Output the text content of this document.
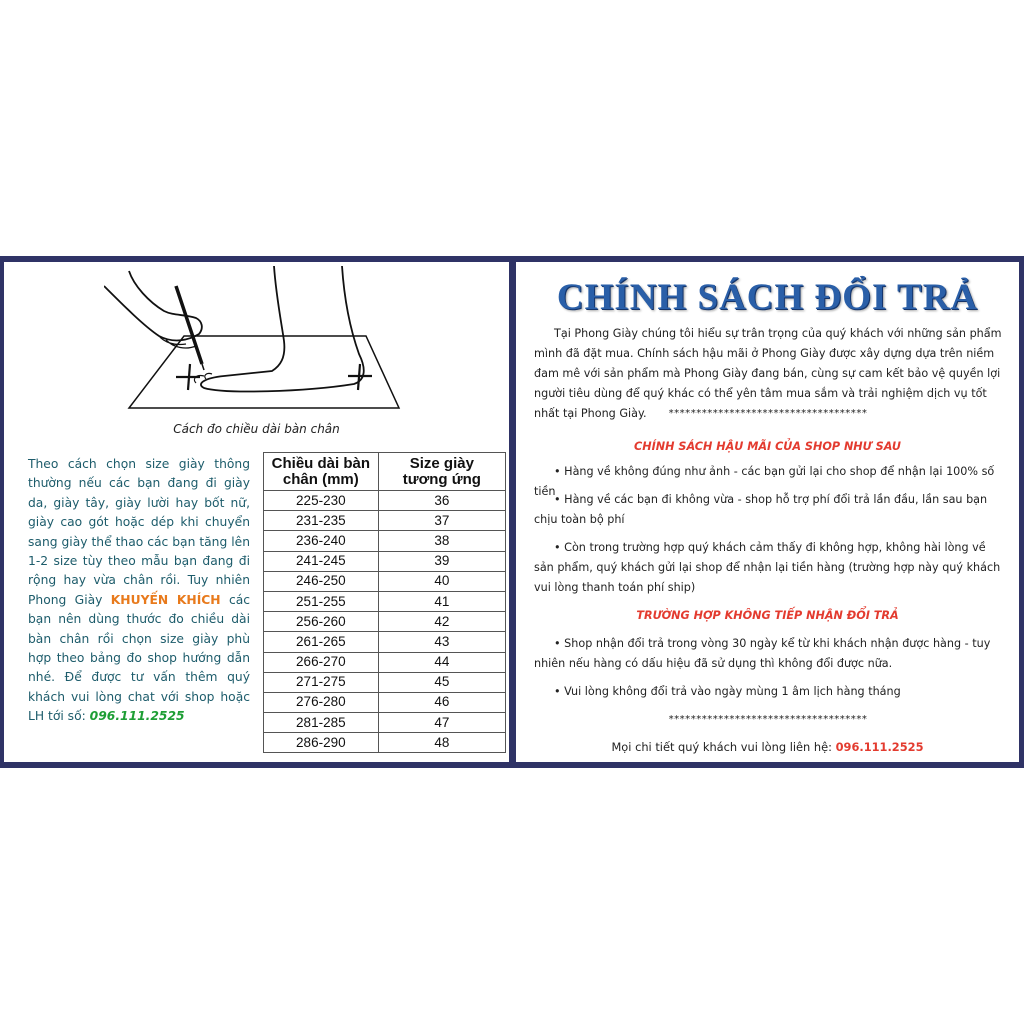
Cách đo chiều dài bàn chân
Theo cách chọn size giày thông thường nếu các bạn đang đi giày da, giày tây, giày lười hay bốt nữ, giày cao gót hoặc dép khi chuyển sang giày thể thao các bạn tăng lên 1-2 size tùy theo mẫu bạn đang đi rộng hay vừa chân rồi. Tuy nhiên Phong Giày KHUYẾN KHÍCH các bạn nên dùng thước đo chiều dài bàn chân rồi chọn size giày phù hợp theo bảng đo shop hướng dẫn nhé. Để được tư vấn thêm quý khách vui lòng chat với shop hoặc LH tới số: 096.111.2525
Chiều dài bàn
chân (mm)	Size giày
tương ứng
225-230	36
231-235	37
236-240	38
241-245	39
246-250	40
251-255	41
256-260	42
261-265	43
266-270	44
271-275	45
276-280	46
281-285	47
286-290	48
CHÍNH SÁCH ĐỔI TRẢ
Tại Phong Giày chúng tôi hiểu sự trân trọng của quý khách với những sản phẩm mình đã đặt mua. Chính sách hậu mãi ở Phong Giày được xây dựng dựa trên niềm đam mê với sản phẩm mà Phong Giày đang bán, cùng sự cam kết bảo vệ quyền lợi người tiêu dùng để quý khác có thể yên tâm mua sắm và trải nghiệm dịch vụ tốt nhất tại Phong Giày.	************************************
CHÍNH SÁCH HẬU MÃI CỦA SHOP NHƯ SAU
• Hàng về không đúng như ảnh - các bạn gửi lại cho shop để nhận lại 100% số tiền
• Hàng về các bạn đi không vừa - shop hỗ trợ phí đổi trả lần đầu, lần sau bạn chịu toàn bộ phí
• Còn trong trường hợp quý khách cảm thấy đi không hợp, không hài lòng về sản phẩm, quý khách gửi lại shop để nhận lại tiền hàng (trường hợp này quý khách vui lòng thanh toán phí ship)
TRƯỜNG HỢP KHÔNG TIẾP NHẬN ĐỔI TRẢ
• Shop nhận đổi trả trong vòng 30 ngày kể từ khi khách nhận được hàng - tuy nhiên nếu hàng có dấu hiệu đã sử dụng thì không đổi được nữa.
• Vui lòng không đổi trả vào ngày mùng 1 âm lịch hàng tháng
************************************
Mọi chi tiết quý khách vui lòng liên hệ: 096.111.2525
